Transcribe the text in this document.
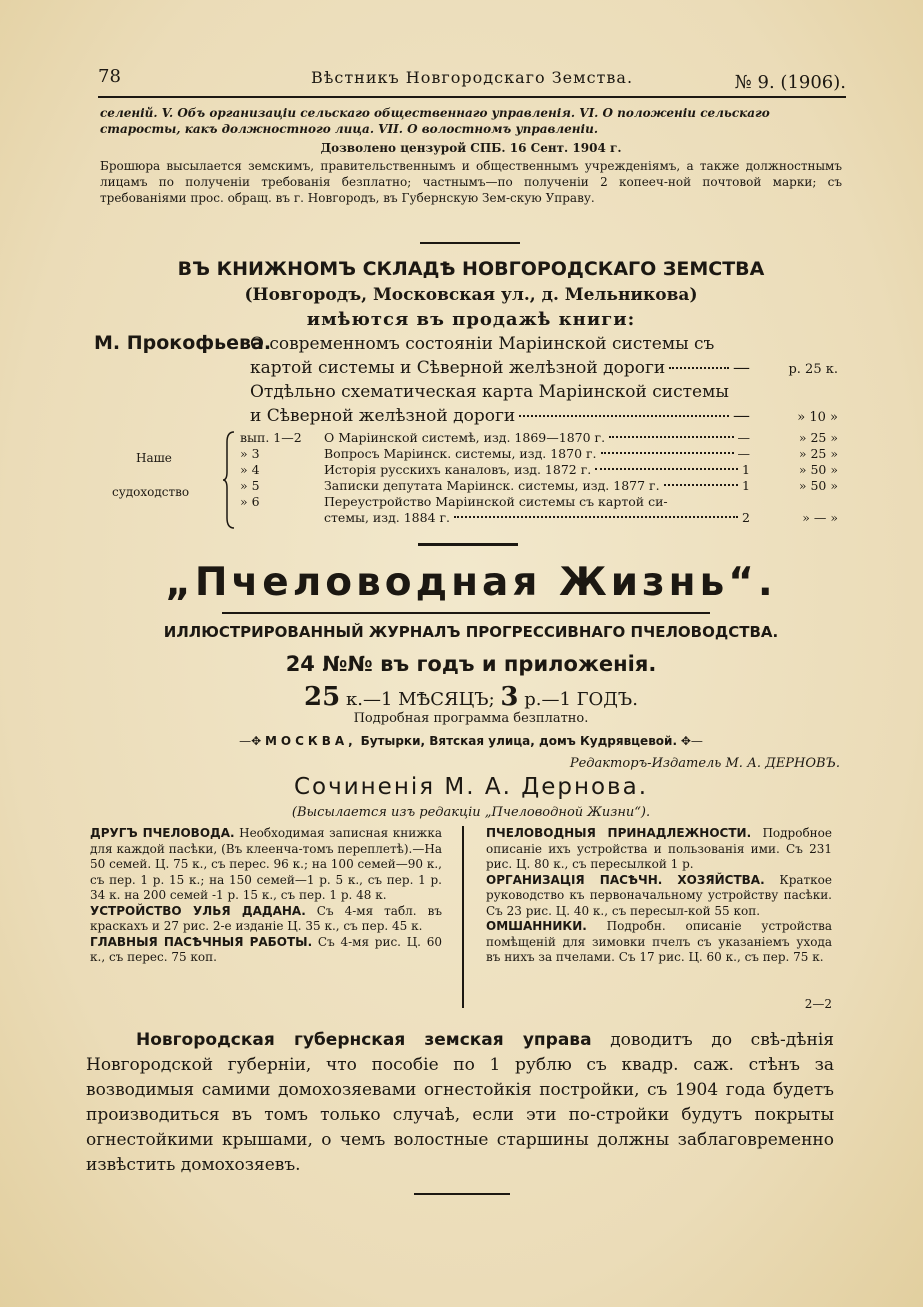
78	Вѣстникъ Новгородскаго Земства.	№ 9. (1906).
селеній. V. Объ организаціи сельскаго общественнаго управленія. VI. О положеніи сельскаго
старосты, какъ должностного лица. VII. О волостномъ управленіи.
Дозволено цензурой СПБ. 16 Сент. 1904 г.
Брошюра высылается земскимъ, правительственнымъ и общественнымъ учрежденіямъ, а также должностнымъ лицамъ по полученіи требованія безплатно; частнымъ—по полученіи 2 копееч-ной почтовой марки; съ требованіями прос. обращ. въ г. Новгородъ, въ Губернскую Зем-скую Управу.
ВЪ КНИЖНОМЪ СКЛАДѢ НОВГОРОДСКАГО ЗЕМСТВА
(Новгородъ, Московская ул., д. Мельникова)
имѣются въ продажѣ книги:
М. Прокофьева.
О современномъ состояніи Маріинской системы съ
картой системы и Сѣверной желѣзной дороги	—	р. 25 к.
Отдѣльно схематическая карта Маріинской системы
и Сѣверной желѣзной дороги	—	» 10 »
Наше
судоходство
вып. 1—2	О Маріинской системѣ, изд. 1869—1870 г.	—	» 25 »
» 3	Вопросъ Маріинск. системы, изд. 1870 г.	—	» 25 »
» 4	Исторія русскихъ каналовъ, изд. 1872 г.	1	» 50 »
» 5	Записки депутата Маріинск. системы, изд. 1877 г.	1	» 50 »
» 6	Переустройство Маріинской системы съ картой си-
стемы, изд. 1884 г.	2	» — »
„Пчеловодная Жизнь“.
ИЛЛЮСТРИРОВАННЫЙ ЖУРНАЛЪ ПРОГРЕССИВНАГО ПЧЕЛОВОДСТВА.
24 №№ въ годъ и приложенія.
25 к.—1 МѢСЯЦЪ; 3 р.—1 ГОДЪ.
Подробная программа безплатно.
—✥ МОСКВА, Бутырки, Вятская улица, домъ Кудрявцевой. ✥—
Редакторъ-Издатель М. А. ДЕРНОВЪ.
Сочиненія М. А. Дернова.
(Высылается изъ редакціи „Пчеловодной Жизни“).
ДРУГЪ ПЧЕЛОВОДА. Необходимая записная книжка для каждой пасѣки, (Въ клеенча-томъ переплетѣ).—На 50 семей. Ц. 75 к., съ перес. 96 к.; на 100 семей—90 к., съ пер. 1 р. 15 к.; на 150 семей—1 р. 5 к., съ пер. 1 р. 34 к. на 200 семей -1 р. 15 к., съ пер. 1 р. 48 к.
УСТРОЙСТВО УЛЬЯ ДАДАНА. Съ 4-мя табл. въ краскахъ и 27 рис. 2-е изданіе Ц. 35 к., съ пер. 45 к.
ГЛАВНЫЯ ПАСѢЧНЫЯ РАБОТЫ. Съ 4-мя рис. Ц. 60 к., съ перес. 75 коп.
ПЧЕЛОВОДНЫЯ ПРИНАДЛЕЖНОСТИ. Подробное описаніе ихъ устройства и пользованія ими. Съ 231 рис. Ц. 80 к., съ пересылкой 1 р.
ОРГАНИЗАЦІЯ ПАСѢЧН. ХОЗЯЙСТВА. Краткое руководство къ первоначальному устройству пасѣки. Съ 23 рис. Ц. 40 к., съ пересыл-кой 55 коп.
ОМШАННИКИ. Подробн. описаніе устройства помѣщеній для зимовки пчелъ съ указаніемъ ухода въ нихъ за пчелами. Съ 17 рис. Ц. 60 к., съ пер. 75 к.
2—2
Новгородская губернская земская управа доводитъ до свѣ-дѣнія Новгородской губерніи, что пособіе по 1 рублю съ квадр. саж. стѣнъ за возводимыя самими домохозяевами огнестойкія постройки, съ 1904 года будетъ производиться въ томъ только случаѣ, если эти по-стройки будутъ покрыты огнестойкими крышами, о чемъ волостные старшины должны заблаговременно извѣстить домохозяевъ.
